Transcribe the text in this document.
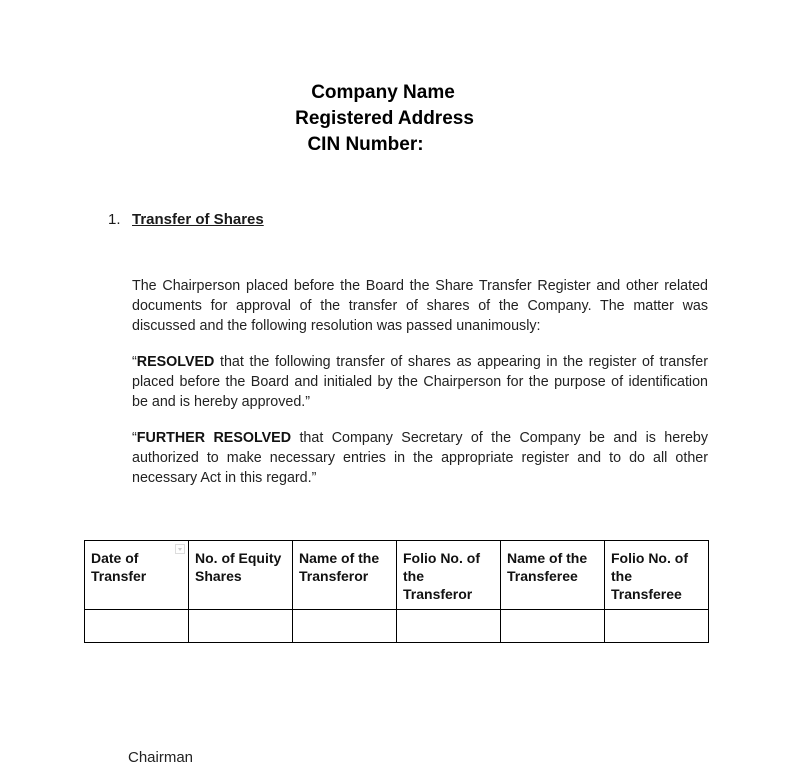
Company Name
Registered Address
CIN Number:
1. Transfer of Shares
The Chairperson placed before the Board the Share Transfer Register and other related documents for approval of the transfer of shares of the Company. The matter was discussed and the following resolution was passed unanimously:
“RESOLVED that the following transfer of shares as appearing in the register of transfer placed before the Board and initialed by the Chairperson for the purpose of identification be and is hereby approved.”
“FURTHER RESOLVED that Company Secretary of the Company be and is hereby authorized to make necessary entries in the appropriate register and to do all other necessary Act in this regard.”
Date of Transfer	No. of Equity Shares	Name of the Transferor	Folio No. of the Transferor	Name of the Transferee	Folio No. of the Transferee

Chairman
